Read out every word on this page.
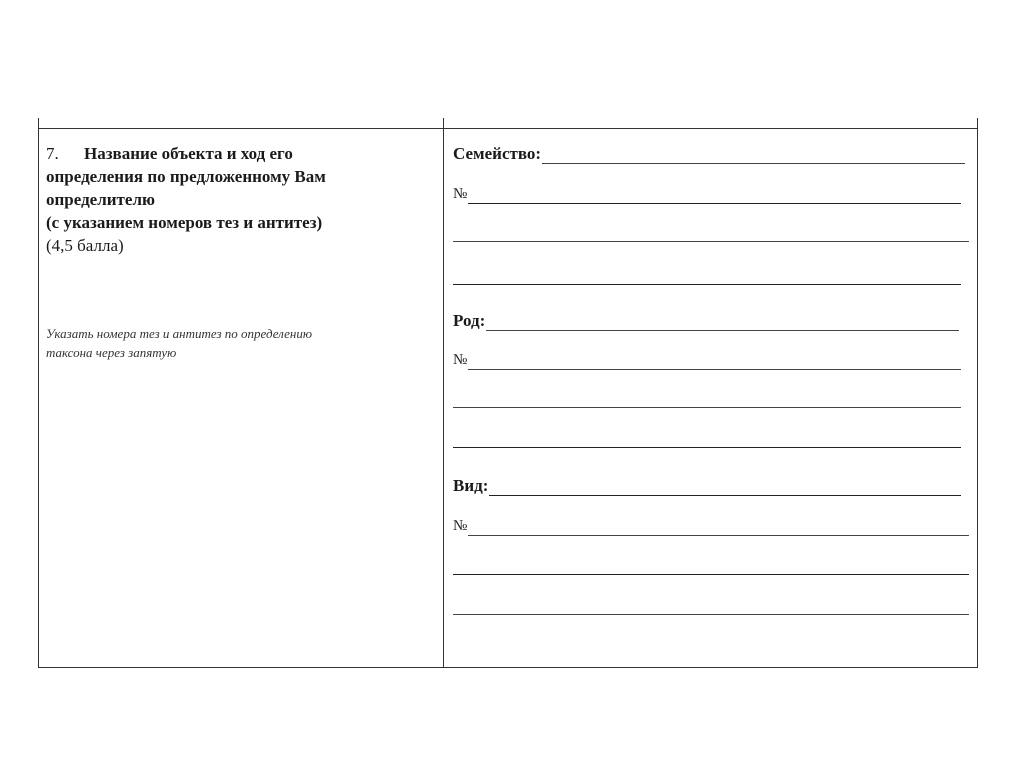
7. Название объекта и ход его
определения по предложенному Вам
определителю
(с указанием номеров тез и антитез)

(4,5 балла)

Указать номера тез и антитез по определению
таксона через запятую

Семейство:
№
Род:
№
Вид:
№
